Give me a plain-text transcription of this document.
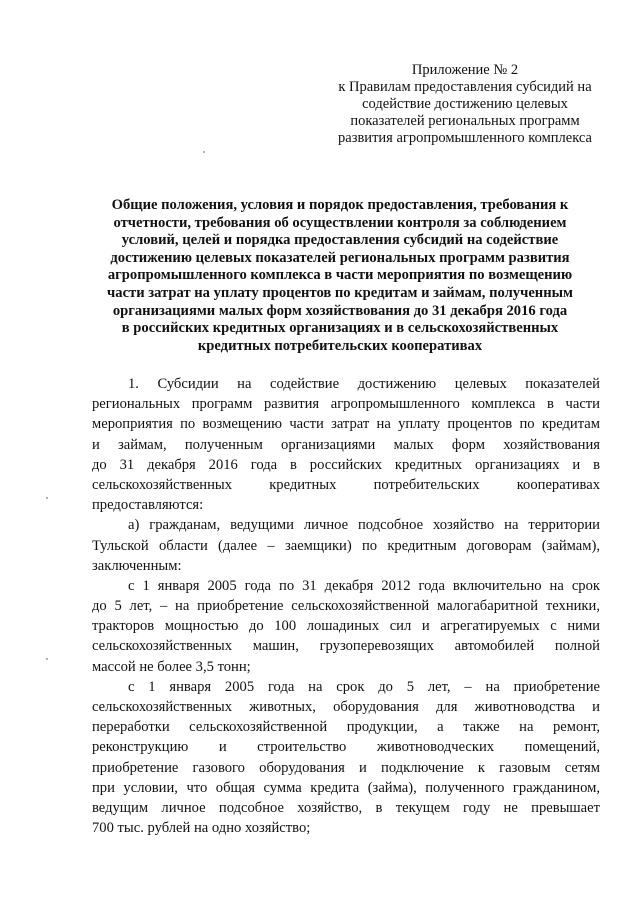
Приложение № 2
к Правилам предоставления субсидий на
содействие достижению целевых
показателей региональных программ
развития агропромышленного комплекса
Общие положения, условия и порядок предоставления, требования к
отчетности, требования об осуществлении контроля за соблюдением
условий, целей и порядка предоставления субсидий на содействие
достижению целевых показателей региональных программ развития
агропромышленного комплекса в части мероприятия по возмещению
части затрат на уплату процентов по кредитам и займам, полученным
организациями малых форм хозяйствования до 31 декабря 2016 года
в российских кредитных организациях и в сельскохозяйственных
кредитных потребительских кооперативах
1. Субсидии на содействие достижению целевых показателей
региональных программ развития агропромышленного комплекса в части
мероприятия по возмещению части затрат на уплату процентов по кредитам
и займам, полученным организациями малых форм хозяйствования
до 31 декабря 2016 года в российских кредитных организациях и в
сельскохозяйственных кредитных потребительских кооперативах
предоставляются:
а) гражданам, ведущими личное подсобное хозяйство на территории
Тульской области (далее – заемщики) по кредитным договорам (займам),
заключенным:
с 1 января 2005 года по 31 декабря 2012 года включительно на срок
до 5 лет, – на приобретение сельскохозяйственной малогабаритной техники,
тракторов мощностью до 100 лошадиных сил и агрегатируемых с ними
сельскохозяйственных машин, грузоперевозящих автомобилей полной
массой не более 3,5 тонн;
с 1 января 2005 года на срок до 5 лет, – на приобретение
сельскохозяйственных животных, оборудования для животноводства и
переработки сельскохозяйственной продукции, а также на ремонт,
реконструкцию и строительство животноводческих помещений,
приобретение газового оборудования и подключение к газовым сетям
при условии, что общая сумма кредита (займа), полученного гражданином,
ведущим личное подсобное хозяйство, в текущем году не превышает
700 тыс. рублей на одно хозяйство;
